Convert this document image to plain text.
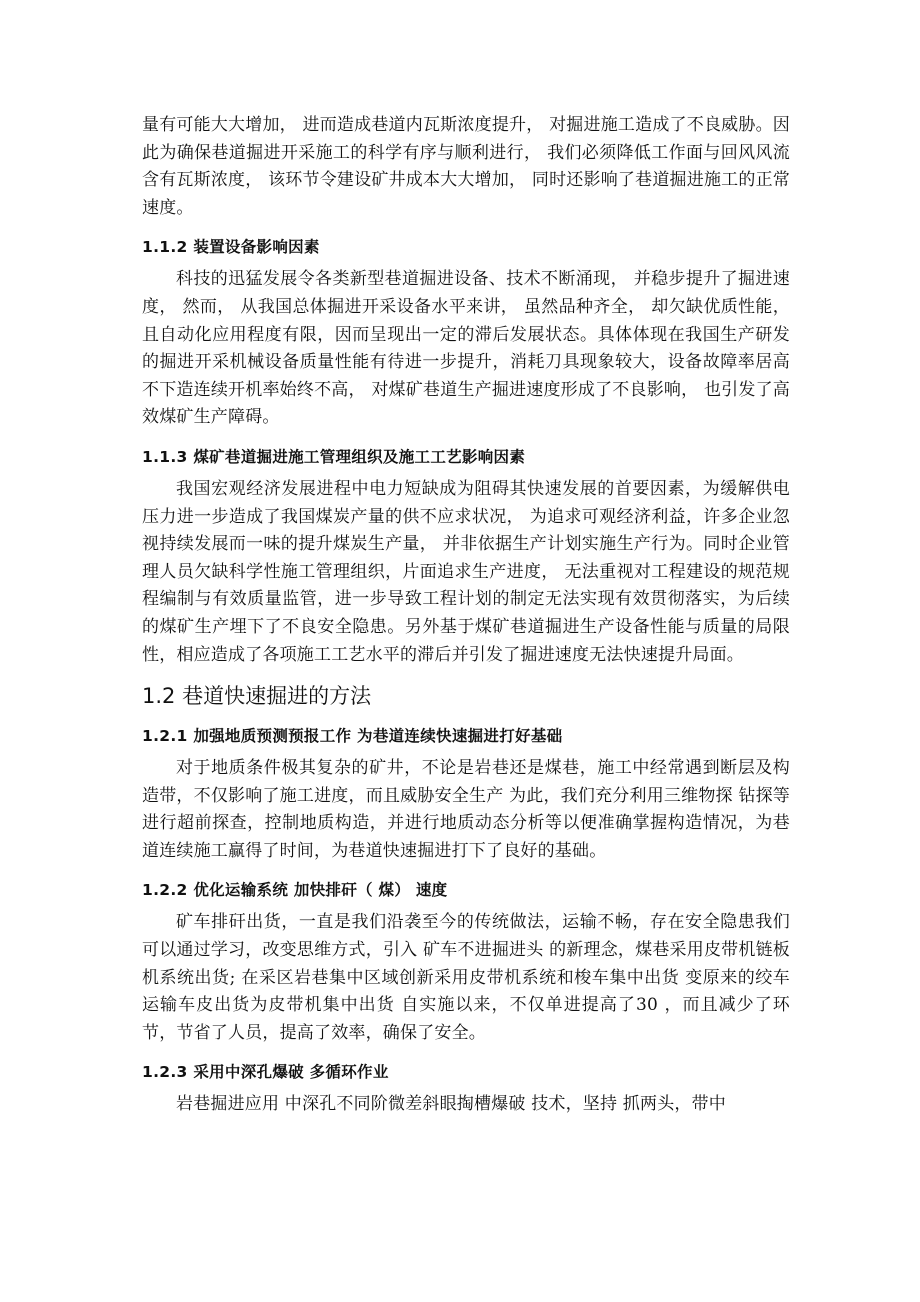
量有可能大大增加， 进而造成巷道内瓦斯浓度提升， 对掘进施工造成了不良威胁。因此为确保巷道掘进开采施工的科学有序与顺利进行， 我们必须降低工作面与回风风流含有瓦斯浓度， 该环节令建设矿井成本大大增加， 同时还影响了巷道掘进施工的正常速度。

1.1.2 装置设备影响因素

科技的迅猛发展令各类新型巷道掘进设备、技术不断涌现， 并稳步提升了掘进速度， 然而， 从我国总体掘进开采设备水平来讲， 虽然品种齐全， 却欠缺优质性能， 且自动化应用程度有限，因而呈现出一定的滞后发展状态。具体体现在我国生产研发的掘进开采机械设备质量性能有待进一步提升，消耗刀具现象较大，设备故障率居高不下造连续开机率始终不高， 对煤矿巷道生产掘进速度形成了不良影响， 也引发了高效煤矿生产障碍。

1.1.3 煤矿巷道掘进施工管理组织及施工工艺影响因素

我国宏观经济发展进程中电力短缺成为阻碍其快速发展的首要因素，为缓解供电压力进一步造成了我国煤炭产量的供不应求状况， 为追求可观经济利益，许多企业忽视持续发展而一味的提升煤炭生产量， 并非依据生产计划实施生产行为。同时企业管理人员欠缺科学性施工管理组织，片面追求生产进度， 无法重视对工程建设的规范规程编制与有效质量监管，进一步导致工程计划的制定无法实现有效贯彻落实，为后续的煤矿生产埋下了不良安全隐患。另外基于煤矿巷道掘进生产设备性能与质量的局限性，相应造成了各项施工工艺水平的滞后并引发了掘进速度无法快速提升局面。

1.2 巷道快速掘进的方法
1.2.1 加强地质预测预报工作 为巷道连续快速掘进打好基础

对于地质条件极其复杂的矿井，不论是岩巷还是煤巷，施工中经常遇到断层及构造带，不仅影响了施工进度，而且威胁安全生产 为此，我们充分利用三维物探 钻探等进行超前探查，控制地质构造，并进行地质动态分析等以便准确掌握构造情况，为巷道连续施工赢得了时间，为巷道快速掘进打下了良好的基础。

1.2.2 优化运输系统 加快排矸（ 煤） 速度

矿车排矸出货，一直是我们沿袭至今的传统做法，运输不畅，存在安全隐患我们可以通过学习，改变思维方式，引入 矿车不进掘进头 的新理念，煤巷采用皮带机链板机系统出货; 在采区岩巷集中区域创新采用皮带机系统和梭车集中出货 变原来的绞车运输车皮出货为皮带机集中出货 自实施以来，不仅单进提高了30 ，而且减少了环节，节省了人员，提高了效率，确保了安全。

1.2.3 采用中深孔爆破 多循环作业

岩巷掘进应用 中深孔不同阶微差斜眼掏槽爆破 技术，坚持 抓两头，带中
